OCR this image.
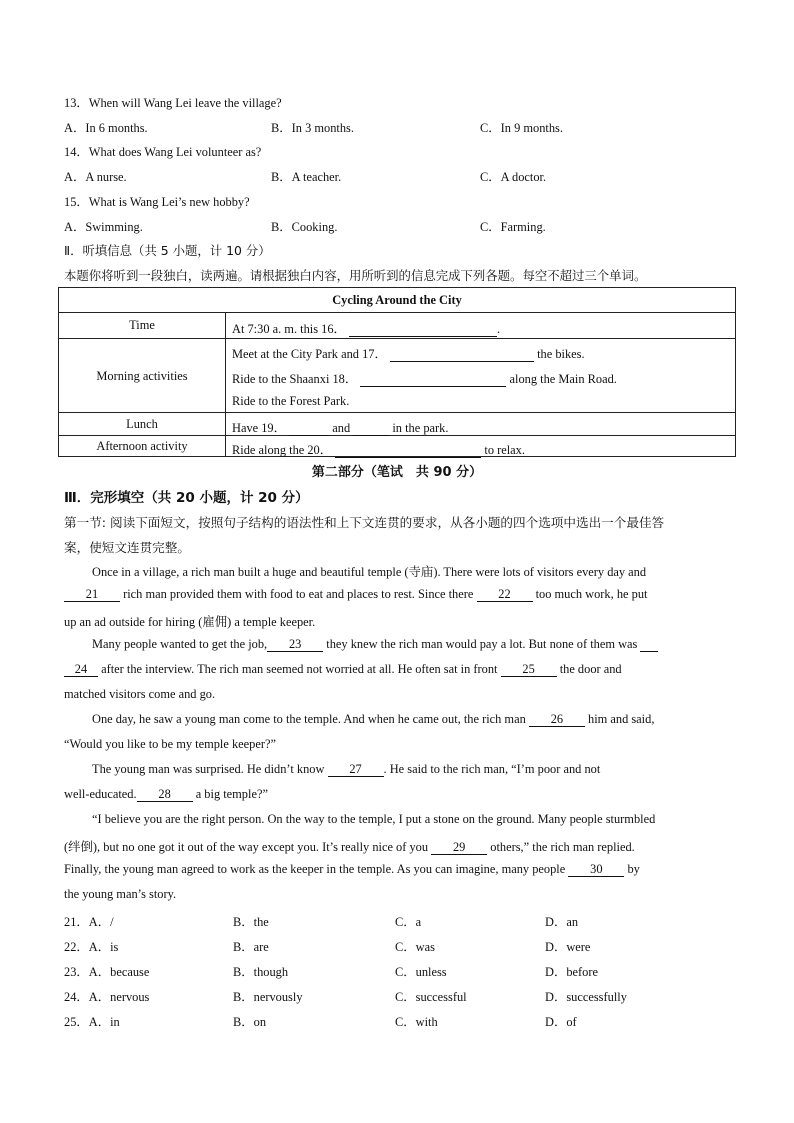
13．When will Wang Lei leave the village?
A．In 6 months.	B．In 3 months.	C．In 9 months.
14．What does Wang Lei volunteer as?
A．A nurse.	B．A teacher.	C．A doctor.
15．What is Wang Lei’s new hobby?
A．Swimming.	B．Cooking.	C．Farming.
Ⅱ．听填信息（共 5 小题，计 10 分）
本题你将听到一段独白，读两遍。请根据独白内容，用所听到的信息完成下列各题。每空不超过三个单词。
Cycling Around the City
Time	At 7:30 a. m. this 16．	.
Morning activities
Meet at the City Park and 17．	the bikes.
Ride to the Shaanxi 18．	along the Main Road.
Ride to the Forest Park.
Lunch	Have 19．	and	in the park.
Afternoon activity	Ride along the 20．	to relax.
第二部分（笔试　共 90 分）
Ⅲ．完形填空（共 20 小题，计 20 分）
第一节: 阅读下面短文，按照句子结构的语法性和上下文连贯的要求，从各小题的四个选项中选出一个最佳答
案，使短文连贯完整。
Once in a village, a rich man built a huge and beautiful temple (寺庙). There were lots of visitors every day and
21 rich man provided them with food to eat and places to rest. Since there 22 too much work, he put
up an ad outside for hiring (雇佣) a temple keeper.
Many people wanted to get the job, 23 they knew the rich man would pay a lot. But none of them was
24 after the interview. The rich man seemed not worried at all. He often sat in front 25 the door and
matched visitors come and go.
One day, he saw a young man come to the temple. And when he came out, the rich man 26 him and said,
“Would you like to be my temple keeper?”
The young man was surprised. He didn’t know 27 . He said to the rich man, “I’m poor and not
well-educated. 28 a big temple?”
“I believe you are the right person. On the way to the temple, I put a stone on the ground. Many people sturmbled
(绊倒), but no one got it out of the way except you. It’s really nice of you 29 others,” the rich man replied.
Finally, the young man agreed to work as the keeper in the temple. As you can imagine, many people 30 by
the young man’s story.
21．A．/	B．the	C．a	D．an
22．A．is	B．are	C．was	D．were
23．A．because	B．though	C．unless	D．before
24．A．nervous	B．nervously	C．successful	D．successfully
25．A．in	B．on	C．with	D．of
